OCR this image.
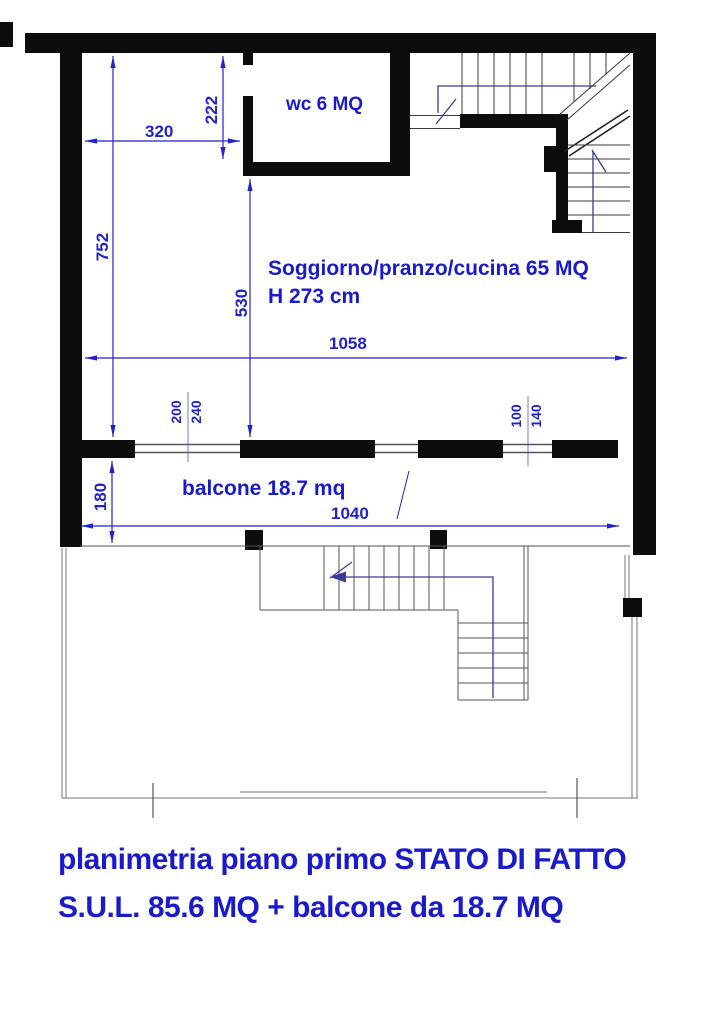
wc 6 MQ
Soggiorno/pranzo/cucina 65 MQ
H 273 cm
balcone 18.7 mq
320
222
752
530
1058
180
1040
200 240	100 140
planimetria piano primo STATO DI FATTO
S.U.L. 85.6 MQ + balcone da 18.7 MQ
